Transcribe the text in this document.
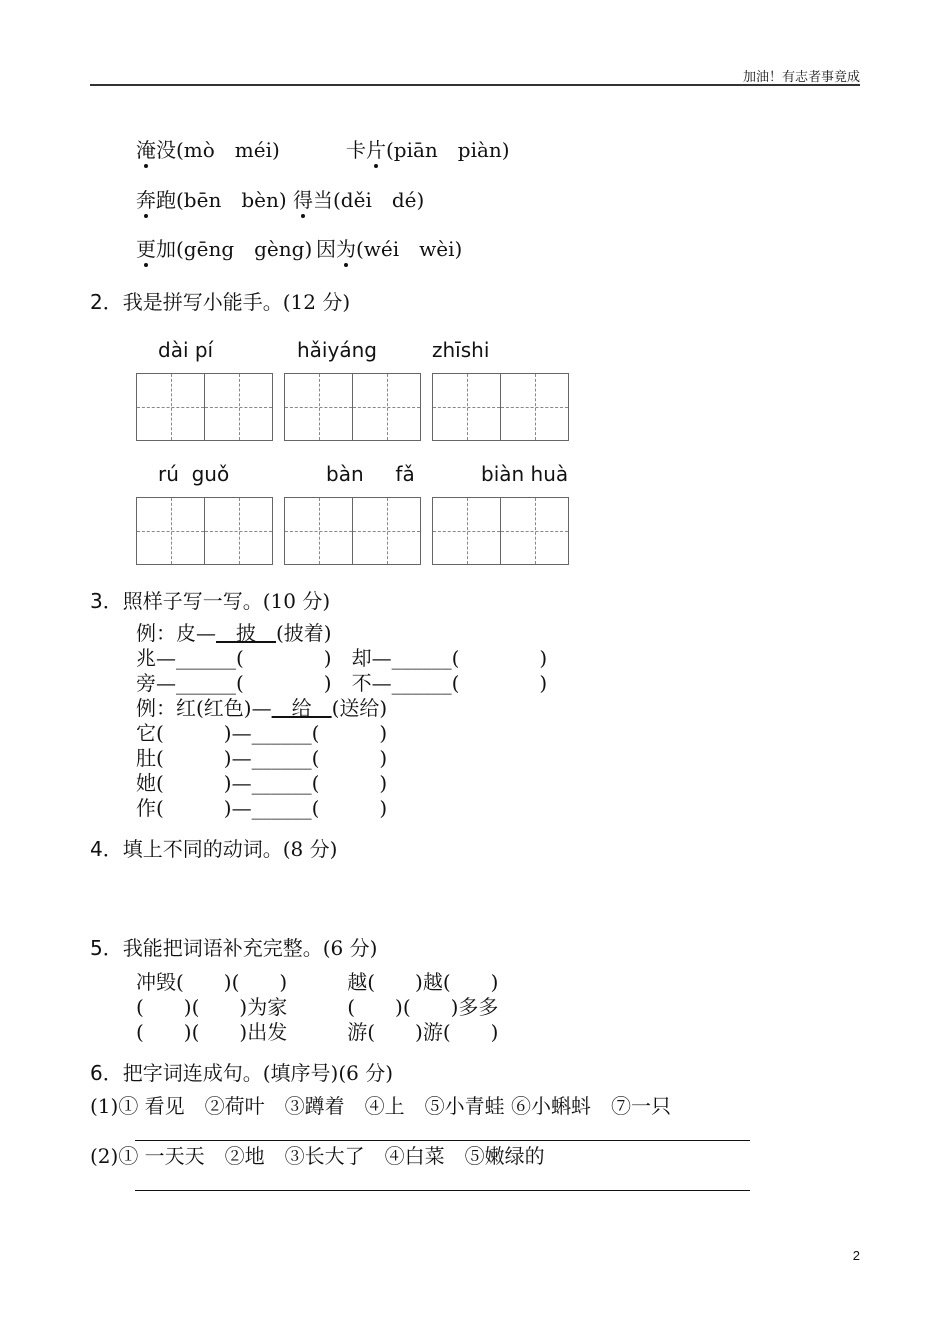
加油！有志者事竟成
淹没(mò　méi)	卡片(piān　piàn)
奔跑(bēn　bèn) 得当(děi　dé)
更加(gēng　gèng) 因为(wéi　wèi)
2．我是拼写小能手。(12 分)
dài pí	hǎiyáng	zhīshi
rú  guǒ	bàn     fǎ	biàn huà
3．照样子写一写。(10 分)
例：皮—　披　(披着)
兆—______(　　　　)　却—______(　　　　)
旁—______(　　　　)　不—______(　　　　)
例：红(红色)—　给　(送给)
它(　　　)—______(　　　)
肚(　　　)—______(　　　)
她(　　　)—______(　　　)
作(　　　)—______(　　　)
4．填上不同的动词。(8 分)
5．我能把词语补充完整。(6 分)
冲毁(　　)(　　)　　　越(　　)越(　　)
(　　)(　　)为家　　　(　　)(　　)多多
(　　)(　　)出发　　　游(　　)游(　　)
6．把字词连成句。(填序号)(6 分)
(1)① 看见　②荷叶　③蹲着　④上　⑤小青蛙 ⑥小蝌蚪　⑦一只
(2)① 一天天　②地　③长大了　④白菜　⑤嫩绿的
2
